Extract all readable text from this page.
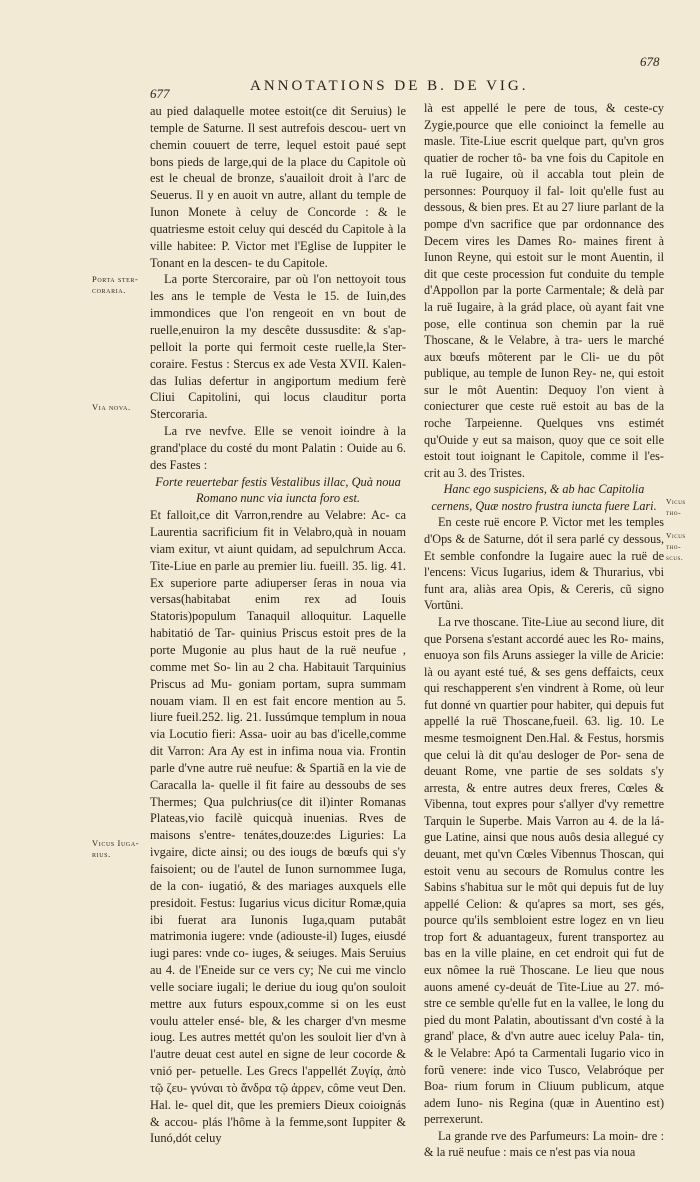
677	ANNOTATIONS DE B. DE VIG.
678
Porta ster- coraria.
Via nova.
Vicus Iuga- rius.
Vicus tho-
Vicus tho- scus.

au pied dalaquelle motee estoit(ce dit Seruius) le temple de Saturne. Il sest autrefois descou- uert vn chemin couuert de terre, lequel estoit paué sept bons pieds de large,qui de la place du Capitole où est le cheual de bronze, s'auailoit droit à l'arc de Seuerus. Il y en auoit vn autre, allant du temple de Iunon Monete à celuy de Concorde : & le quatriesme estoit celuy qui descéd du Capitole à la ville habitee: P. Victor met l'Eglise de Iuppiter le Tonant en la descen- te du Capitole.

La porte Stercoraire, par où l'on nettoyoit tous les ans le temple de Vesta le 15. de Iuin,des immondices que l'on rengeoit en vn bout de ruelle,enuiron la my descête dussusdite: & s'ap- pelloit la porte qui fermoit ceste ruelle,la Ster- coraire. Festus : Stercus ex ade Vesta XVII. Kalen- das Iulias defertur in angiportum medium ferè Cliui Capitolini, qui locus clauditur porta Stercoraria.

La rve nevfve. Elle se venoit ioindre à la grand'place du costé du mont Palatin : Ouide au 6. des Fastes :

Forte reuertebar festis Vestalibus illac, Quà noua Romano nunc via iuncta foro est.

Et falloit,ce dit Varron,rendre au Velabre: Ac- ca Laurentia sacrificium fit in Velabro,quà in nouam viam exitur, vt aiunt quidam, ad sepulchrum Acca. Tite-Liue en parle au premier liu. fueill. 35. lig. 41. Ex superiore parte adiuperser ſeras in noua via versas(habitabat enim rex ad Iouis Statoris)populum Tanaquil alloquitur. Laquelle habitatió de Tar- quinius Priscus estoit pres de la porte Mugonie au plus haut de la ruë neufue , comme met So- lin au 2 cha. Habitauit Tarquinius Priscus ad Mu- goniam portam, supra summam nouam viam. Il en est fait encore mention au 5. liure fueil.252. lig. 21. Iussúmque templum in noua via Locutio fieri: Assa- uoir au bas d'icelle,comme dit Varron: Ara Ay est in infima noua via. Frontin parle d'vne autre ruë neufue: & Spartiã en la vie de Caracalla la- quelle il fit faire au dessoubs de ses Thermes; Qua pulchrius(ce dit il)inter Romanas Plateas,vio facilè quicquà inuenias. Rves de maisons s'entre- tenátes,douze:des Liguries: La ivgaire, dicte ainsi; ou des iougs de bœufs qui s'y faisoient; ou de l'autel de Iunon surnommee Iuga, de la con- iugatió, & des mariages auxquels elle presidoit. Festus: Iugarius vicus dicitur Romæ,quia ibi fuerat ara Iunonis Iuga,quam putabât matrimonia iugere: vnde (adiouste-il) Iuges, eiusdé iugi pares: vnde co- iuges, & seiuges. Mais Seruius au 4. de l'Eneide sur ce vers cy; Ne cui me vinclo velle sociare iugali; le deriue du ioug qu'on souloit mettre aux futurs espoux,comme si on les eust voulu atteler ensé- ble, & les charger d'vn mesme ioug. Les autres mettét qu'on les souloit lier d'vn à l'autre deuat cest autel en signe de leur cocorde & vnió per- petuelle. Les Grecs l'appellét Ζυγίᾳ, ἀπὸ τῷ ζευ- γνύναι τὸ ἄνδρα τῷ ἀρρεν, côme veut Den. Hal. le- quel dit, que les premiers Dieux coioignás & accou- plás l'hôme à la femme,sont Iuppiter & Iunó,dót celuy

là est appellé le pere de tous, & ceste-cy Zygie,pource que elle conioinct la femelle au masle. Tite-Liue escrit quelque part, qu'vn gros quatier de rocher tô- ba vne fois du Capitole en la ruë Iugaire, où il accabla tout plein de personnes: Pourquoy il fal- loit qu'elle fust au dessous, & bien pres. Et au 27 liure parlant de la pompe d'vn sacrifice que par ordonnance des Decem vires les Dames Ro- maines firent à Iunon Reyne, qui estoit sur le mont Auentin, il dit que ceste procession fut conduite du temple d'Appollon par la porte Carmentale; & delà par la ruë Iugaire, à la grád place, où ayant fait vne pose, elle continua son chemin par la ruë Thoscane, & le Velabre, à tra- uers le marché aux bœufs môterent par le Cli- ue du pôt publique, au temple de Iunon Rey- ne, qui estoit sur le môt Auentin: Dequoy l'on vient à coniecturer que ceste ruë estoit au bas de la roche Tarpeienne. Quelques vns estimét qu'Ouide y eut sa maison, quoy que ce soit elle estoit tout ioignant le Capitole, comme il l'es- crit au 3. des Tristes.

Hanc ego suspiciens, & ab hac Capitolia cernens, Quæ nostro frustra iuncta fuere Lari.

En ceste ruë encore P. Victor met les temples d'Ops & de Saturne, dót il sera parlé cy dessous, Et semble confondre la Iugaire auec la ruë de l'encens: Vicus Iugarius, idem & Thurarius, vbi funt ara, aliàs area Opis, & Cereris, cũ signo Vortũni.

La rve thoscane. Tite-Liue au second liure, dit que Porsena s'estant accordé auec les Ro- mains, enuoya son fils Aruns assieger la ville de Aricie: là ou ayant esté tué, & ses gens deffaicts, ceux qui reschapperent s'en vindrent à Rome, où leur fut donné vn quartier pour habiter, qui depuis fut appellé la ruë Thoscane,fueil. 63. lig. 10. Le mesme tesmoignent Den.Hal. & Festus, horsmis que celui là dit qu'au desloger de Por- sena de deuant Rome, vne partie de ses soldats s'y arresta, & entre autres deux freres, Cœles & Vibenna, tout expres pour s'allyer d'vy remettre Tarquin le Superbe. Mais Varron au 4. de la lá- gue Latine, ainsi que nous auôs desia allegué cy deuant, met qu'vn Cœles Vibennus Thoscan, qui estoit venu au secours de Romulus contre les Sabins s'habitua sur le môt qui depuis fut de luy appellé Celion: & qu'apres sa mort, ses gés, pource qu'ils sembloient estre logez en vn lieu trop fort & aduantageux, furent transportez au bas en la ville plaine, en cet endroit qui fut de eux nômee la ruë Thoscane. Le lieu que nous auons amené cy-deuát de Tite-Liue au 27. mó- stre ce semble qu'elle fut en la vallee, le long du pied du mont Palatin, aboutissant d'vn costé à la grand' place, & d'vn autre auec iceluy Pala- tin, & le Velabre: Apó ta Carmentali Iugario vico in forũ venere: inde vico Tusco, Velabróque per Boa- rium forum in Cliuum publicum, atque adem Iuno- nis Regina (quæ in Auentino est) perrexerunt.

La grande rve des Parfumeurs: La moin- dre : & la ruë neufue : mais ce n'est pas via noua
